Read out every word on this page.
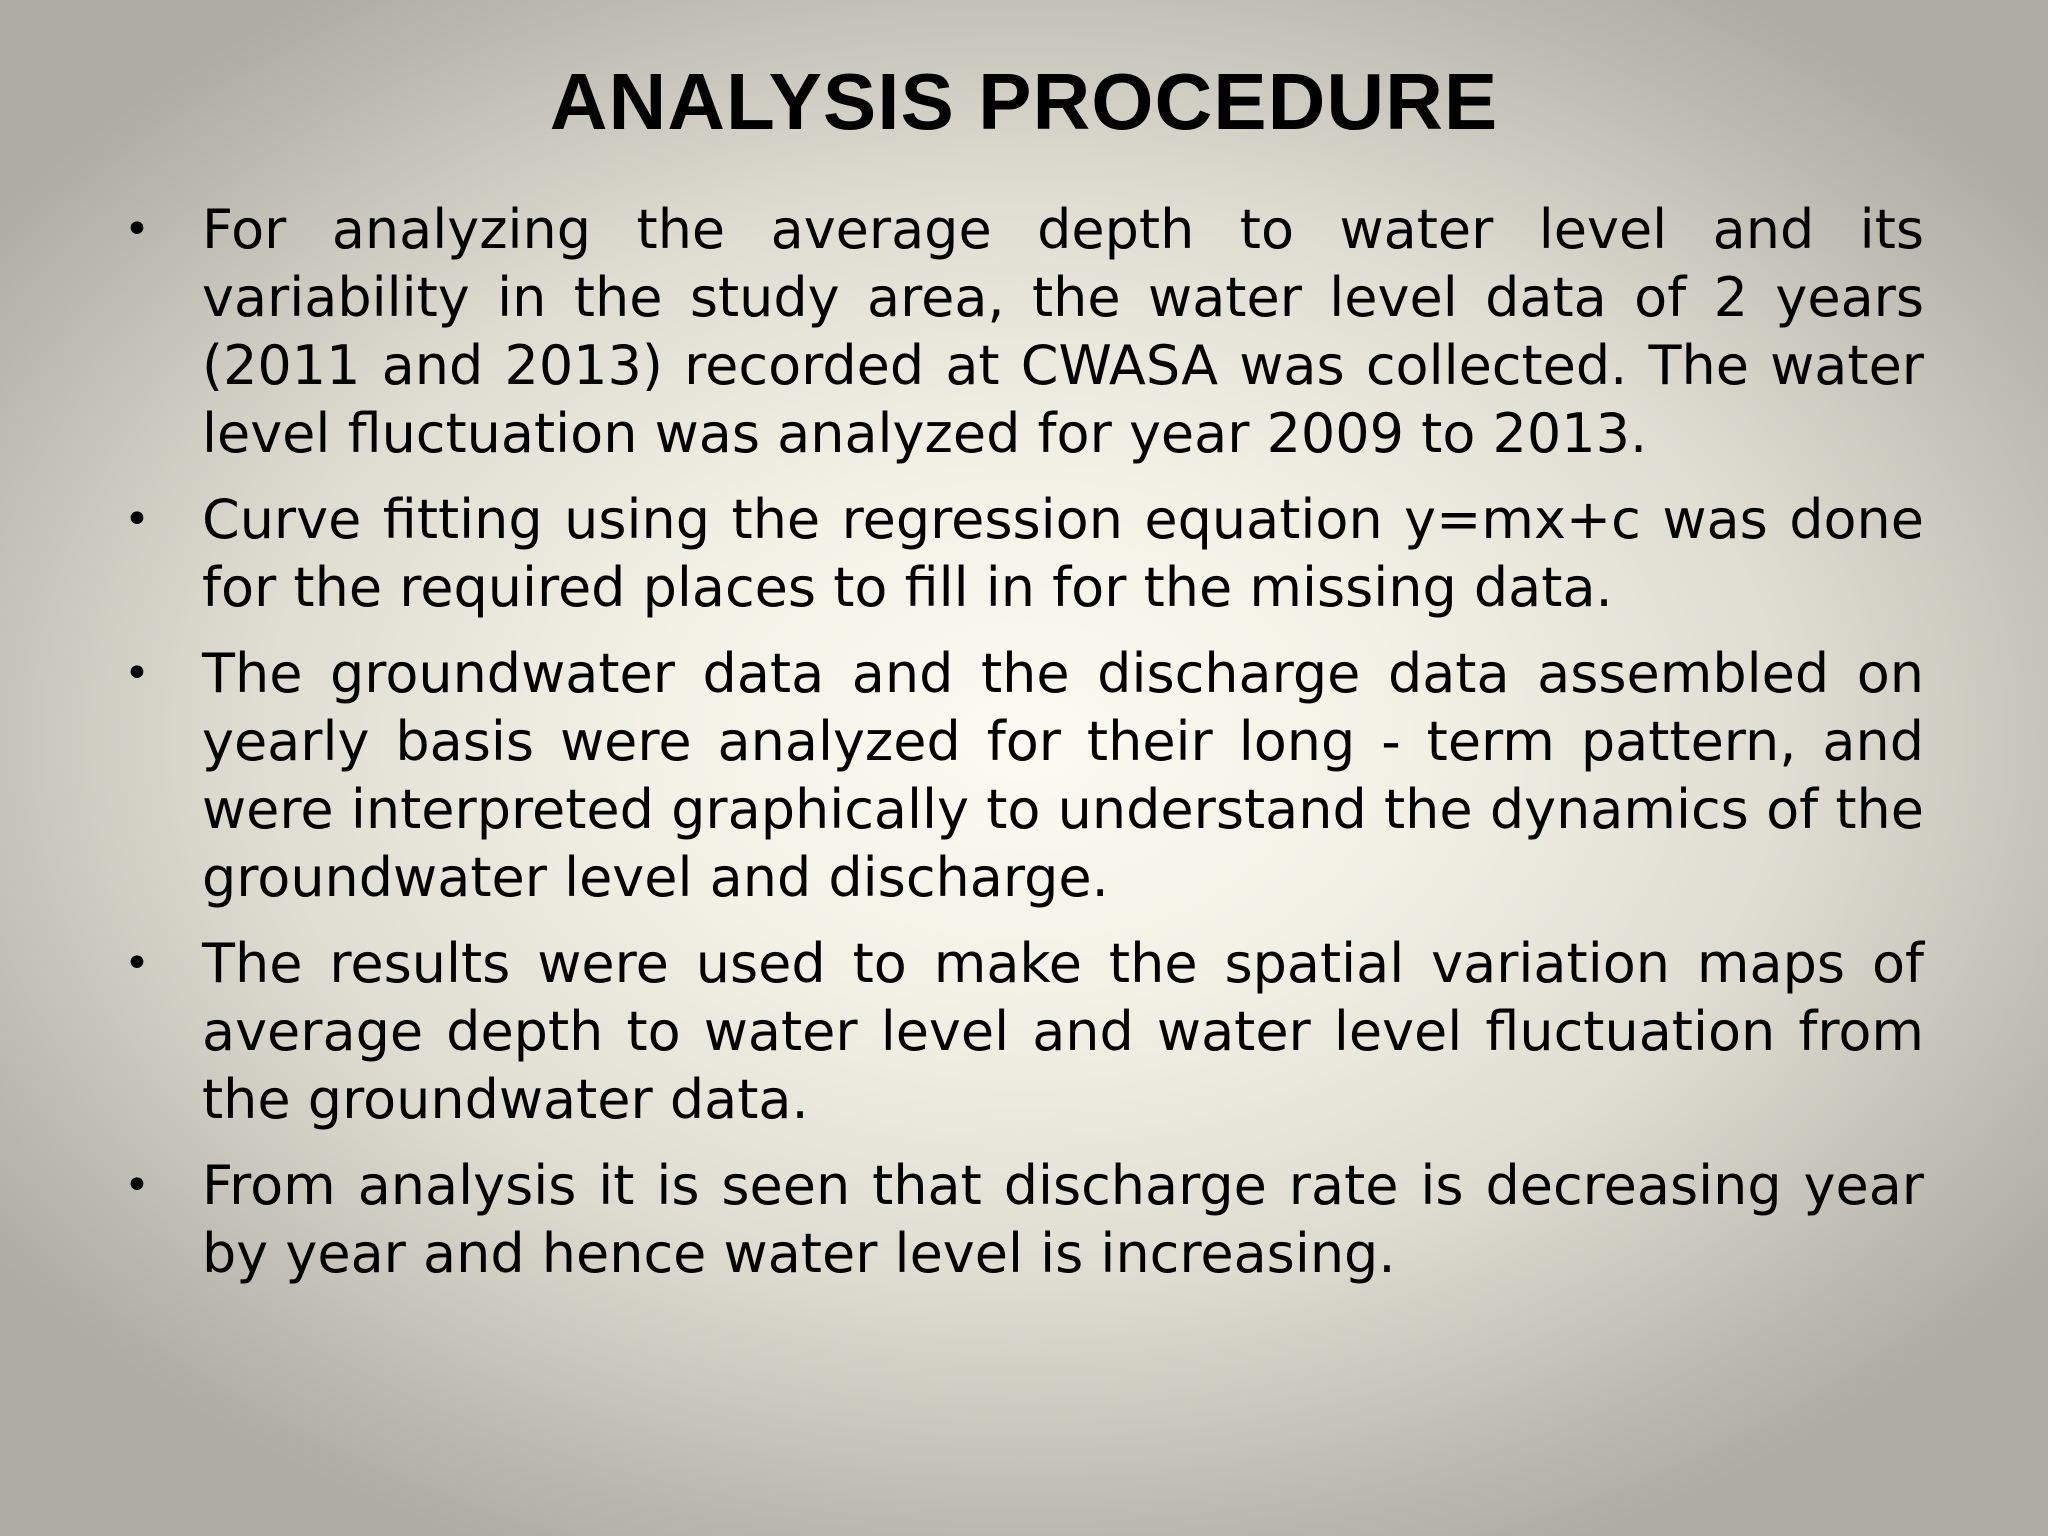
ANALYSIS PROCEDURE
• For analyzing the average depth to water level and its variability in the study area, the water level data of 2 years (2011 and 2013) recorded at CWASA was collected. The water level fluctuation was analyzed for year 2009 to 2013.
• Curve fitting using the regression equation y=mx+c was done for the required places to fill in for the missing data.
• The groundwater data and the discharge data assembled on yearly basis were analyzed for their long - term pattern, and were interpreted graphically to understand the dynamics of the groundwater level and discharge.
• The results were used to make the spatial variation maps of average depth to water level and water level fluctuation from the groundwater data.
• From analysis it is seen that discharge rate is decreasing year by year and hence water level is increasing.
